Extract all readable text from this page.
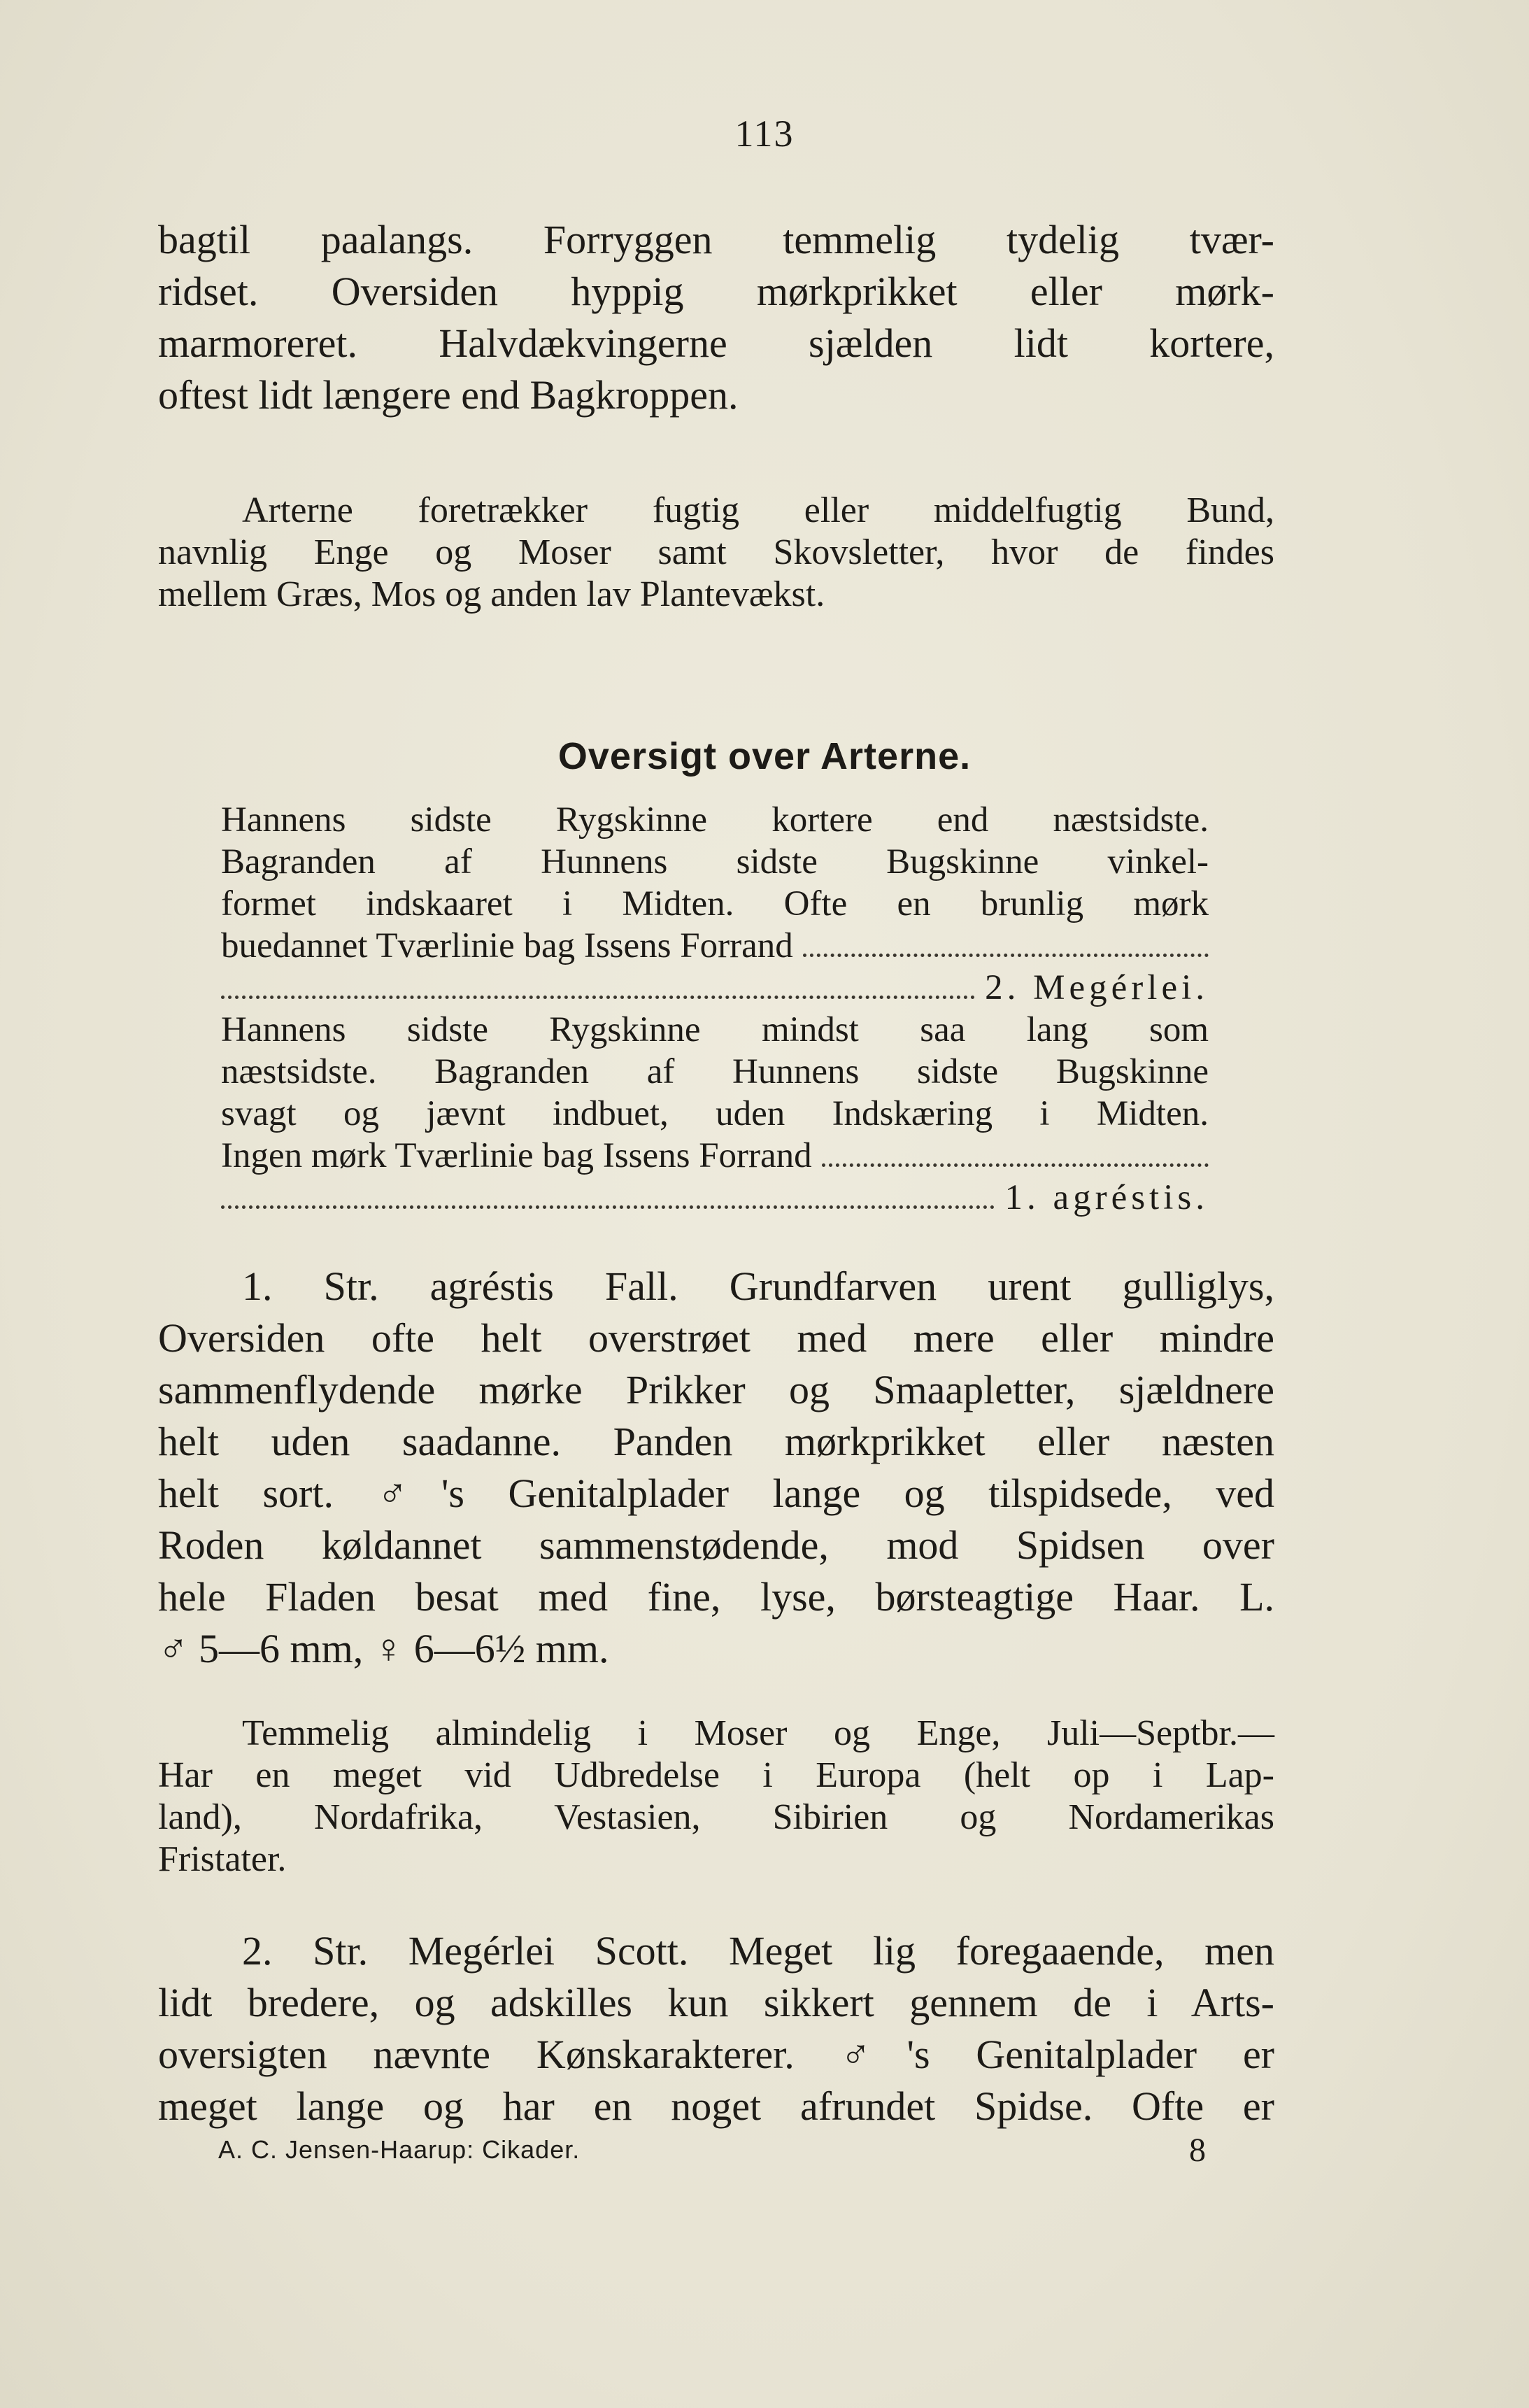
113
bagtil paalangs. Forryggen temmelig tydelig tvær-
ridset. Oversiden hyppig mørkprikket eller mørk-
marmoreret. Halvdækvingerne sjælden lidt kortere,
oftest lidt længere end Bagkroppen.
Arterne foretrækker fugtig eller middelfugtig Bund,
navnlig Enge og Moser samt Skovsletter, hvor de findes
mellem Græs, Mos og anden lav Plantevækst.
Oversigt over Arterne.
Hannens sidste Rygskinne kortere end næstsidste.
Bagranden af Hunnens sidste Bugskinne vinkel-
formet indskaaret i Midten. Ofte en brunlig mørk
buedannet Tværlinie bag Issens Forrand
2. Megérlei.
Hannens sidste Rygskinne mindst saa lang som
næstsidste. Bagranden af Hunnens sidste Bugskinne
svagt og jævnt indbuet, uden Indskæring i Midten.
Ingen mørk Tværlinie bag Issens Forrand
1. agréstis.
1. Str. agréstis Fall. Grundfarven urent gulliglys,
Oversiden ofte helt overstrøet med mere eller mindre
sammenflydende mørke Prikker og Smaapletter, sjældnere
helt uden saadanne. Panden mørkprikket eller næsten
helt sort. ♂'s Genitalplader lange og tilspidsede, ved
Roden køldannet sammenstødende, mod Spidsen over
hele Fladen besat med fine, lyse, børsteagtige Haar. L.
♂ 5—6 mm, ♀ 6—6½ mm.
Temmelig almindelig i Moser og Enge, Juli—Septbr.—
Har en meget vid Udbredelse i Europa (helt op i Lap-
land), Nordafrika, Vestasien, Sibirien og Nordamerikas
Fristater.
2. Str. Megérlei Scott. Meget lig foregaaende, men
lidt bredere, og adskilles kun sikkert gennem de i Arts-
oversigten nævnte Kønskarakterer. ♂'s Genitalplader er
meget lange og har en noget afrundet Spidse. Ofte er
A. C. Jensen-Haarup: Cikader.	8
